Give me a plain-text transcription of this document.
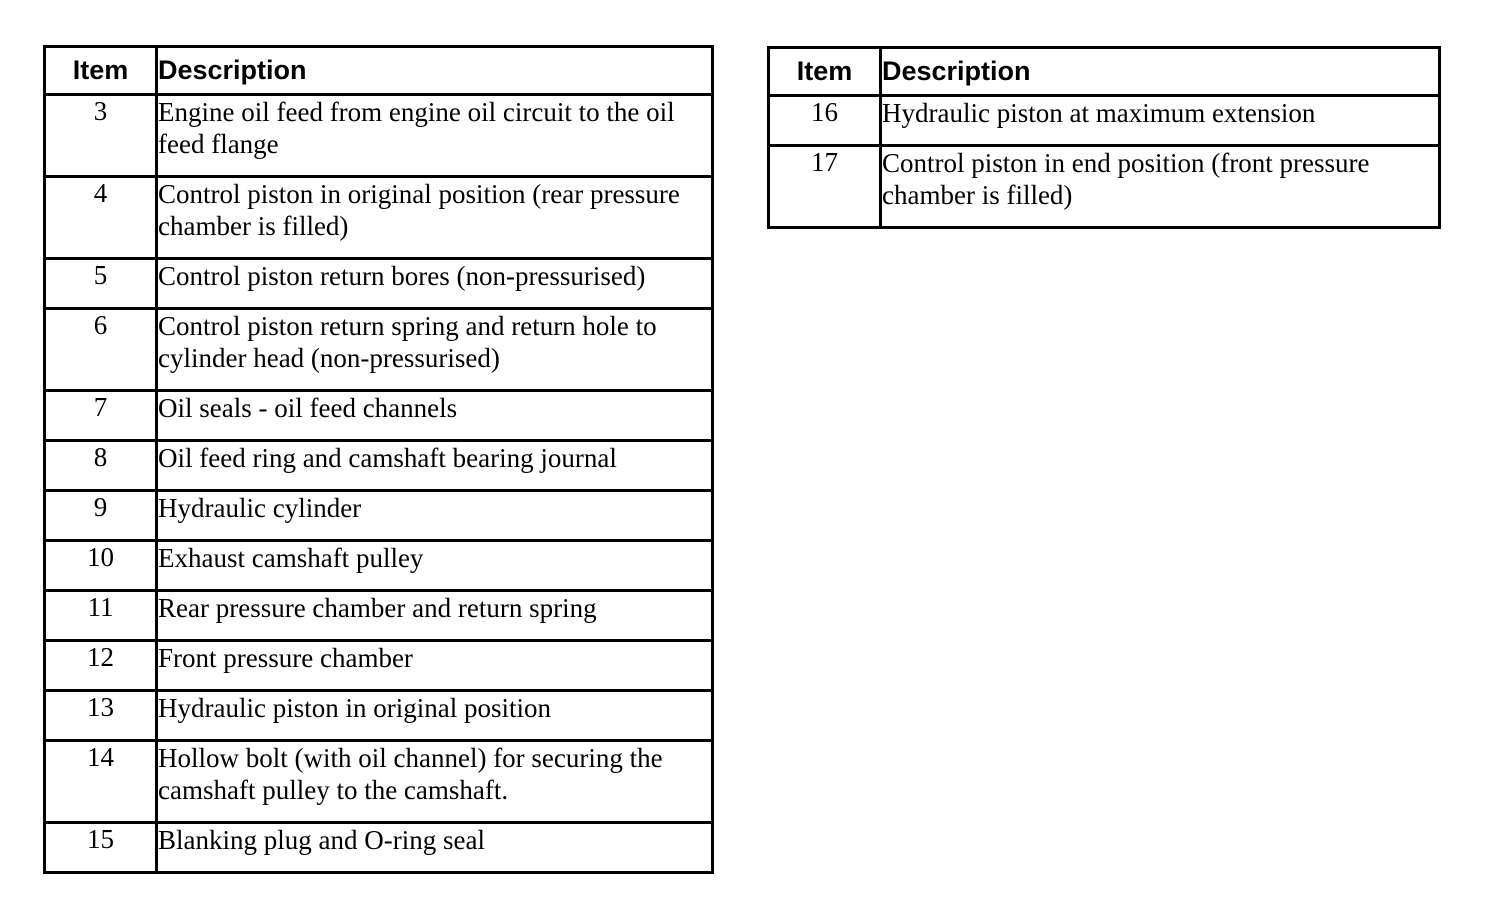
Item	Description
3	Engine oil feed from engine oil circuit to the oil feed flange
4	Control piston in original position (rear pressure chamber is filled)
5	Control piston return bores (non-pressurised)
6	Control piston return spring and return hole to cylinder head (non-pressurised)
7	Oil seals - oil feed channels
8	Oil feed ring and camshaft bearing journal
9	Hydraulic cylinder
10	Exhaust camshaft pulley
11	Rear pressure chamber and return spring
12	Front pressure chamber
13	Hydraulic piston in original position
14	Hollow bolt (with oil channel) for securing the camshaft pulley to the camshaft.
15	Blanking plug and O-ring seal
Item	Description
16	Hydraulic piston at maximum extension
17	Control piston in end position (front pressure chamber is filled)
